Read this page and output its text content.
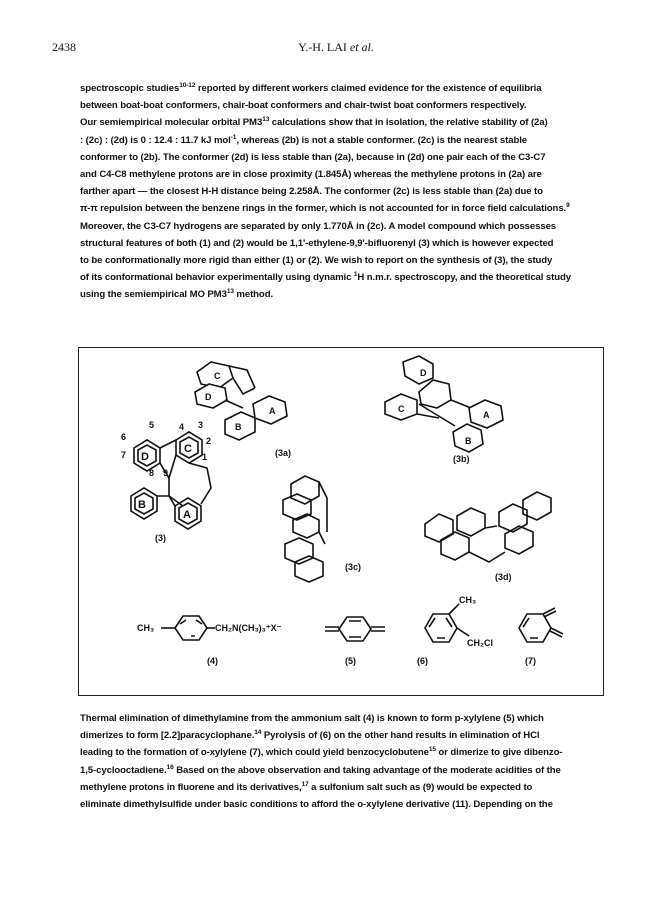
2438	Y.-H. LAI et al.

spectroscopic studies$^{10-12}$ reported by different workers claimed evidence for the existence of equilibria

between boat-boat conformers, chair-boat conformers and chair-twist boat conformers respectively.

Our semiempirical molecular orbital $PM3^{13}$ calculations show that in isolation, the relative stability of (2a)

: (2c) : (2d) is 0 : 12.4 : 11.7 kJ mol$^{-1}$, whereas (2b) is not a stable conformer. (2c) is the nearest stable

conformer to (2b). The conformer (2d) is less stable than (2a), because in (2d) one pair each of the C3-C7

and C4-C8 methylene protons are in close proximity (1.845Å) whereas the methylene protons in (2a) are

farther apart — the closest H-H distance being 2.258Å. The conformer (2c) is less stable than (2a) due to

π-π repulsion between the benzene rings in the former, which is not accounted for in force field calculations.$^9$

Moreover, the C3-C7 hydrogens are separated by only 1.770Å in (2c). A model compound which possesses

structural features of both (1) and (2) would be 1,1'-ethylene-9,9'-bifluorenyl (3) which is however expected

to be conformationally more rigid than either (1) or (2). We wish to report on the synthesis of (3), the study

of its conformational behavior experimentally using dynamic $^1$H n.m.r. spectroscopy, and the theoretical study

using the semiempirical MO $PM3^{13}$ method.

D
C
B
A
4 3
5
6
7
2
1
8 9
(3)
C
D
A
B
(3a)
D
C
A
B
(3b)
(3c)
(3d)
CH₃	CH₂N(CH₃)₃⁺X⁻
(4)	(5)
CH₃
CH₂Cl
(6)	(7)

Thermal elimination of dimethylamine from the ammonium salt (4) is known to form p-xylylene (5) which

dimerizes to form [2.2]paracyclophane.$^{14}$ Pyrolysis of (6) on the other hand results in elimination of HCl

leading to the formation of o-xylylene (7), which could yield benzocyclobutene$^{15}$ or dimerize to give dibenzo-

1,5-cyclooctadiene.$^{16}$ Based on the above observation and taking advantage of the moderate acidities of the

methylene protons in fluorene and its derivatives,$^{17}$ a sulfonium salt such as (9) would be expected to

eliminate dimethylsulfide under basic conditions to afford the o-xylylene derivative (11). Depending on the
